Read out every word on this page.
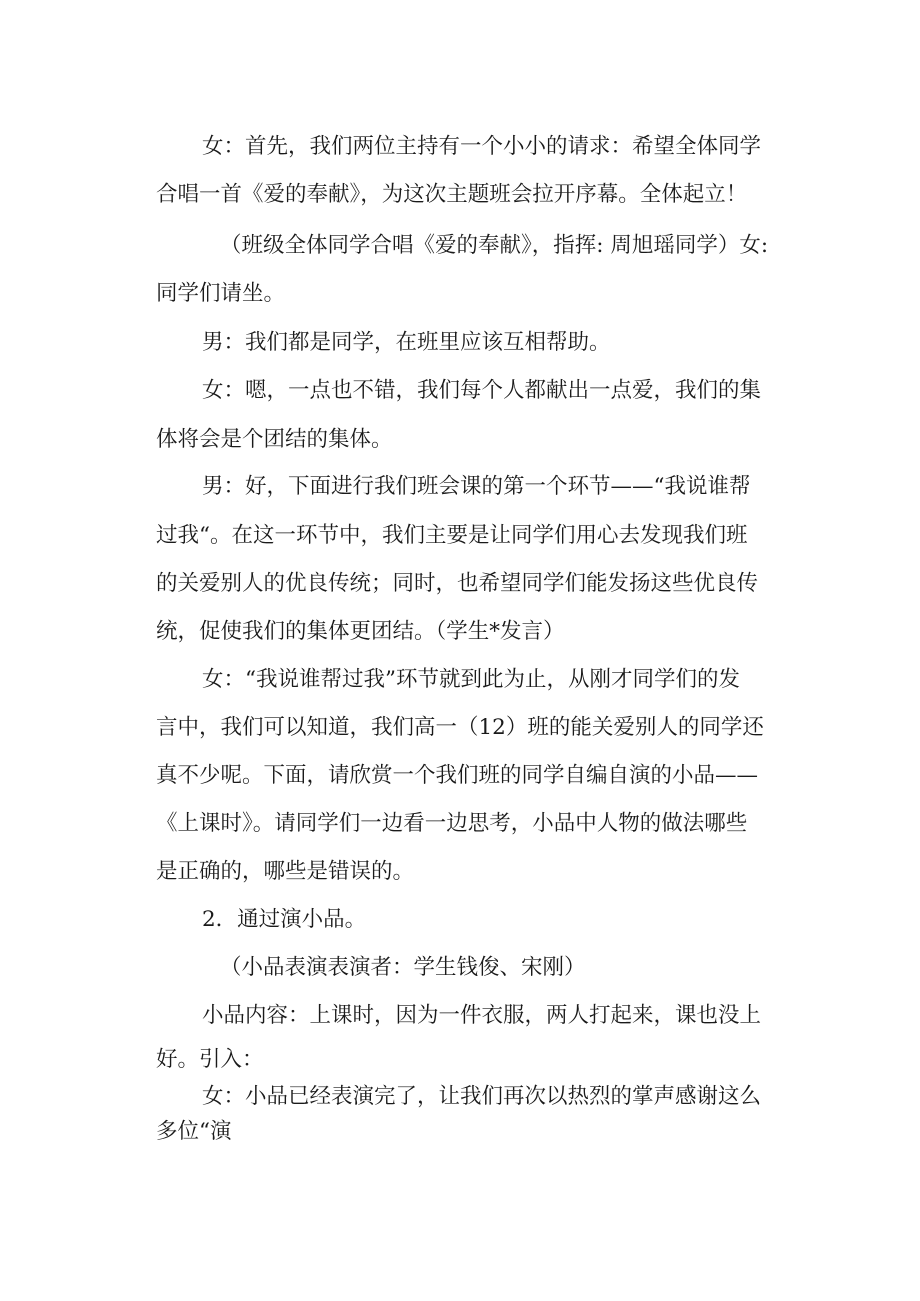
女：首先，我们两位主持有一个小小的请求：希望全体同学

合唱一首《爱的奉献》，为这次主题班会拉开序幕。全体起立！

（班级全体同学合唱《爱的奉献》，指挥: 周旭瑶同学）女:

同学们请坐。

男：我们都是同学，在班里应该互相帮助。

女：嗯，一点也不错，我们每个人都献出一点爱，我们的集

体将会是个团结的集体。

男：好，下面进行我们班会课的第一个环节——“我说谁帮

过我“。在这一环节中，我们主要是让同学们用心去发现我们班

的关爱别人的优良传统；同时，也希望同学们能发扬这些优良传

统，促使我们的集体更团结。（学生*发言）

女：“我说谁帮过我”环节就到此为止，从刚才同学们的发

言中，我们可以知道，我们高一（12）班的能关爱别人的同学还

真不少呢。下面，请欣赏一个我们班的同学自编自演的小品——

《上课时》。请同学们一边看一边思考，小品中人物的做法哪些

是正确的，哪些是错误的。

2．通过演小品。

（小品表演表演者：学生钱俊、宋刚）

小品内容：上课时，因为一件衣服，两人打起来，课也没上

好。引入：

女：小品已经表演完了，让我们再次以热烈的掌声感谢这么

多位“演
